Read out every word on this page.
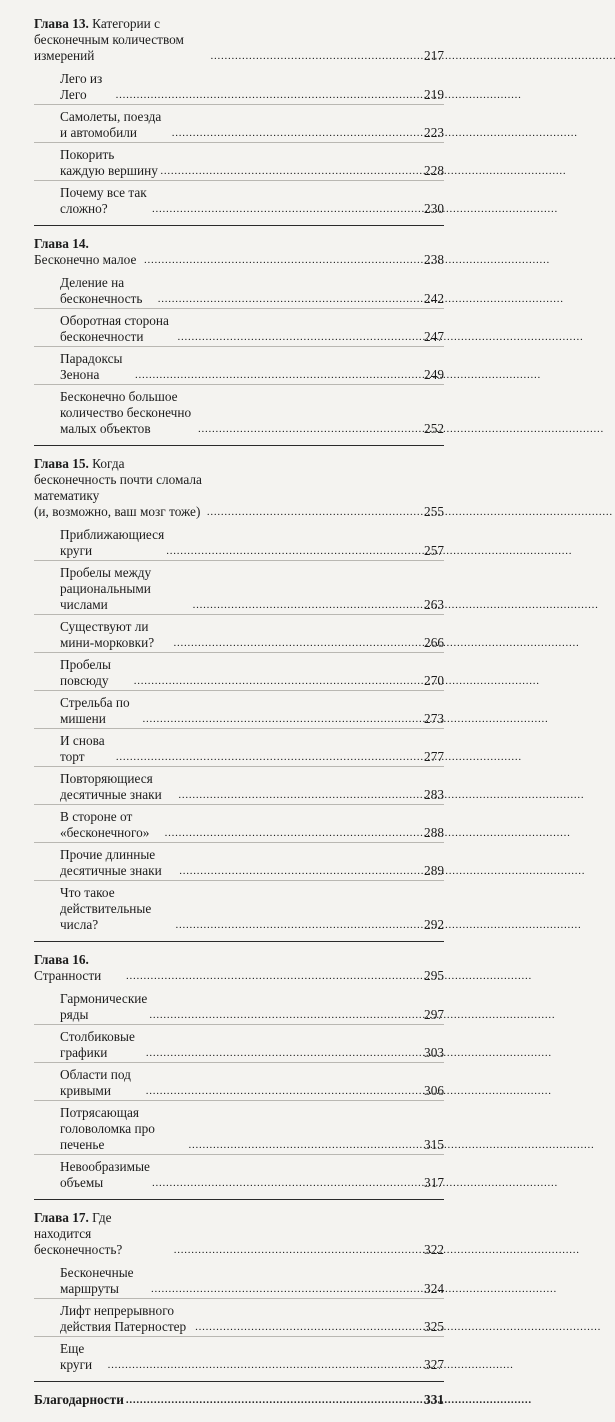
Глава 13. Категории с бесконечным количеством измерений . . .	217
Лего из Лего . . .	219
Самолеты, поезда и автомобили . . .	223
Покорить каждую вершину . . .	228
Почему все так сложно? . . .	230
Глава 14. Бесконечно малое . . .	238
Деление на бесконечность . . .	242
Оборотная сторона бесконечности . . .	247
Парадоксы Зенона . . .	249
Бесконечно большое количество бесконечно
малых объектов . . .	252
Глава 15. Когда бесконечность почти сломала математику
(и, возможно, ваш мозг тоже) . . .	255
Приближающиеся круги . . .	257
Пробелы между рациональными числами . . .	263
Существуют ли мини-морковки? . . .	266
Пробелы повсюду . . .	270
Стрельба по мишени . . .	273
И снова торт . . .	277
Повторяющиеся десятичные знаки . . .	283
В стороне от «бесконечного» . . .	288
Прочие длинные десятичные знаки . . .	289
Что такое действительные числа? . . .	292
Глава 16. Странности . . .	295
Гармонические ряды . . .	297
Столбиковые графики . . .	303
Области под кривыми . . .	306
Потрясающая головоломка про печенье . . .	315
Невообразимые объемы . . .	317
Глава 17. Где находится бесконечность? . . .	322
Бесконечные маршруты . . .	324
Лифт непрерывного действия Патерностер . . .	325
Еще круги . . .	327
Благодарности . . .	331
